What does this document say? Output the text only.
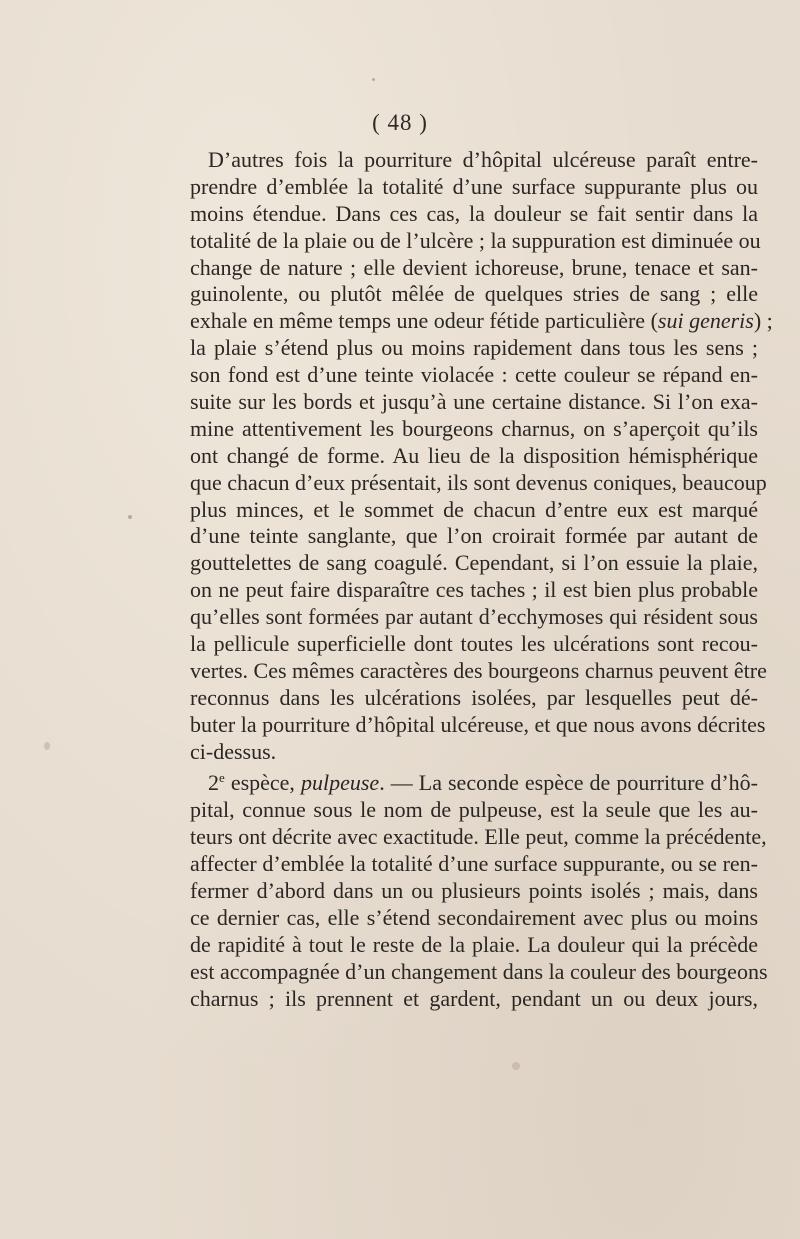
( 48 )
D’autres fois la pourriture d’hôpital ulcéreuse paraît entre-
prendre d’emblée la totalité d’une surface suppurante plus ou
moins étendue. Dans ces cas, la douleur se fait sentir dans la
totalité de la plaie ou de l’ulcère ; la suppuration est diminuée ou
change de nature ; elle devient ichoreuse, brune, tenace et san-
guinolente, ou plutôt mêlée de quelques stries de sang ; elle
exhale en même temps une odeur fétide particulière (sui generis) ;
la plaie s’étend plus ou moins rapidement dans tous les sens ;
son fond est d’une teinte violacée : cette couleur se répand en-
suite sur les bords et jusqu’à une certaine distance. Si l’on exa-
mine attentivement les bourgeons charnus, on s’aperçoit qu’ils
ont changé de forme. Au lieu de la disposition hémisphérique
que chacun d’eux présentait, ils sont devenus coniques, beaucoup
plus minces, et le sommet de chacun d’entre eux est marqué
d’une teinte sanglante, que l’on croirait formée par autant de
gouttelettes de sang coagulé. Cependant, si l’on essuie la plaie,
on ne peut faire disparaître ces taches ; il est bien plus probable
qu’elles sont formées par autant d’ecchymoses qui résident sous
la pellicule superficielle dont toutes les ulcérations sont recou-
vertes. Ces mêmes caractères des bourgeons charnus peuvent être
reconnus dans les ulcérations isolées, par lesquelles peut dé-
buter la pourriture d’hôpital ulcéreuse, et que nous avons décrites
ci-dessus.
2e espèce, pulpeuse. — La seconde espèce de pourriture d’hô-
pital, connue sous le nom de pulpeuse, est la seule que les au-
teurs ont décrite avec exactitude. Elle peut, comme la précédente,
affecter d’emblée la totalité d’une surface suppurante, ou se ren-
fermer d’abord dans un ou plusieurs points isolés ; mais, dans
ce dernier cas, elle s’étend secondairement avec plus ou moins
de rapidité à tout le reste de la plaie. La douleur qui la précède
est accompagnée d’un changement dans la couleur des bourgeons
charnus ; ils prennent et gardent, pendant un ou deux jours,
